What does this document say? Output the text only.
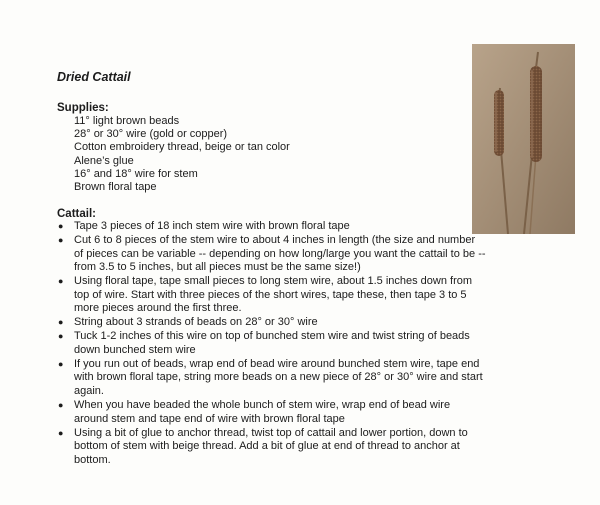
Dried Cattail
Supplies:
11° light brown beads
28° or 30° wire (gold or copper)
Cotton embroidery thread, beige or tan color
Alene’s glue
16° and 18° wire for stem
Brown floral tape
Cattail:
● Tape 3 pieces of 18 inch stem wire with brown floral tape
● Cut 6 to 8 pieces of the stem wire to about 4 inches in length (the size and number of pieces can be variable -- depending on how long/large you want the cattail to be -- from 3.5 to 5 inches, but all pieces must be the same size!)
● Using floral tape, tape small pieces to long stem wire, about 1.5 inches down from top of wire. Start with three pieces of the short wires, tape these, then tape 3 to 5 more pieces around the first three.
● String about 3 strands of beads on 28° or 30° wire
● Tuck 1-2 inches of this wire on top of bunched stem wire and twist string of beads down bunched stem wire
● If you run out of beads, wrap end of bead wire around bunched stem wire, tape end with brown floral tape, string more beads on a new piece of 28° or 30° wire and start again.
● When you have beaded the whole bunch of stem wire, wrap end of bead wire around stem and tape end of wire with brown floral tape
● Using a bit of glue to anchor thread, twist top of cattail and lower portion, down to bottom of stem with beige thread. Add a bit of glue at end of thread to anchor at bottom.
